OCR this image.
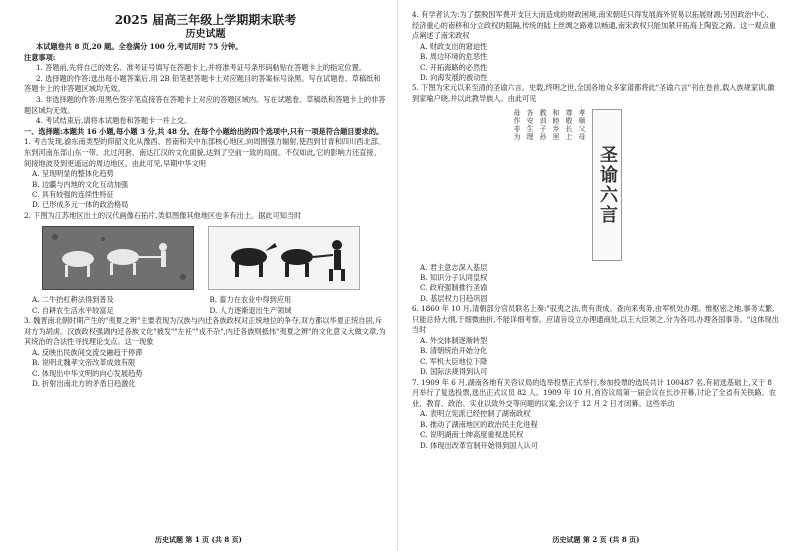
2025 届高三年级上学期期末联考
历史试题

本试题卷共 8 页,20 题。全卷满分 100 分,考试用时 75 分钟。

注意事项:

1. 答题前,先将自己的姓名、准考证号填写在答题卡上,并将准考证号条形码粘贴在答题卡上的指定位置。

2. 选择题的作答:选出每小题答案后,用 2B 铅笔把答题卡上对应题目的答案标号涂黑。写在试题卷、草稿纸和答题卡上的非答题区域均无效。

3. 非选择题的作答:用黑色签字笔直接答在答题卡上对应的答题区域内。写在试题卷、草稿纸和答题卡上的非答题区域均无效。

4. 考试结束后,请将本试题卷和答题卡一并上交。

一、选择题:本题共 16 小题,每小题 3 分,共 48 分。在每个小题给出的四个选项中,只有一项是符合题目要求的。

1. 考古发现,渝东南类型的仰韶文化从豫西、晋南和关中东部核心地区,向周围强力辐射,使西到甘青和四川西北部、东到河南东部山东一带、北过河套、南达江汉的文化面貌,达到了空前一致的局面。不仅如此,它的影响力还直接、间接地波及到更遥远的周边地区。由此可见,早期中华文明

A. 呈现明显的整体化趋势

B. 边疆与内地的文化互动加强

C. 具有较强的连续性特征

D. 已形成多元一体的政治格局

2. 下图为江苏地区出土的汉代画像石拓片,类似图像其他地区也多有出土。据此可知当时

A. 二牛抬杠耕法得到普及	B. 畜力在农业中得到应用
C. 自耕农生活水平较富足	D. 人力逐渐退出生产领域

3. 魏晋南北朝时期产生的"夷夏之辨"主要表现为汉族与内迁各族政权对正统地位的争夺,双方都以华夏正统自居,斥对方为胡虏。汉族政权强调内迁各族文化"被发""左衽""戎不杂",内迁各族则抵伟"夷夏之辨"的文化意义大做文章,为其统治的合法性寻找理论支点。这一现象

A. 反映出民族间交流交融趋于停滞

B. 说明北魏孝文帝改革成效有限

C. 体现出中华文明的向心发展趋势

D. 折射出南北方的矛盾日趋激化

历史试题 第 1 页 (共 8 页)

4. 有学者认为:为了摆脱因军费开支巨大而造成的财政困境,南宋朝廷只得发展海外贸易以拓展财源;另因政治中心、经济重心的南移和分立政权的阻隔,传统的陆上丝绸之路难以畅通,南宋政权只能加紧开拓海上陶瓷之路。这一观点重点阐述了南宋政权

A. 财政支出的窘迫性

B. 周边环境的危恶性

C. 开拓海路的必然性

D. 向海发展的被动性

5. 下图为宋元以来至清的圣谕六言。史载,终明之世,全国各地众多家谱都将此"圣谕六言"刊在卷首,载入族规家训,徽到家喻户晓,并以此教导族人。由此可见

孝顺父母
尊敬长上
和睦乡里
教训子孙
各安生理
毋作非为
圣谕六言

A. 君主意志深入基层

B. 知识分子认同皇权

C. 政府强制推行圣谕

D. 基层权力日趋巩固

6. 1860 年 10 月,清朝部分官员联名上奏:"驭夷之法,贵有责成。查向来夷务,由军机处办理。惟枢密之地,事务太繁,只能总持大纲,于细微曲折,不能详细考察。应请旨设立办理通商处,以王大臣领之,分为各司,办理各国事务。"这体现出当时

A. 外交体制逐渐转型

B. 清朝统治开始分化

C. 军机大臣地位下降

D. 国际法规得到认可

7. 1909 年 6 月,湖南各地有关咨议局的选举投票正式举行,参加投票的选民共计 100487 名,有初选基础上,又于 8 月举行了复选投票,选出正式议员 82 人。1909 年 10 月,首咨议局第一届会议在长沙开幕,讨论了全省有关铁路、农业、教育、政治、实业以致外交等问题的议案,会议于 12 月 2 日才闭幕。这些举动

A. 表明立宪派已经控制了湖南政权

B. 推动了湖南地区的政治民主化进程

C. 说明湖南士绅高度重视选民权

D. 体现出改革官制开始得到国人认可

历史试题 第 2 页 (共 8 页)
